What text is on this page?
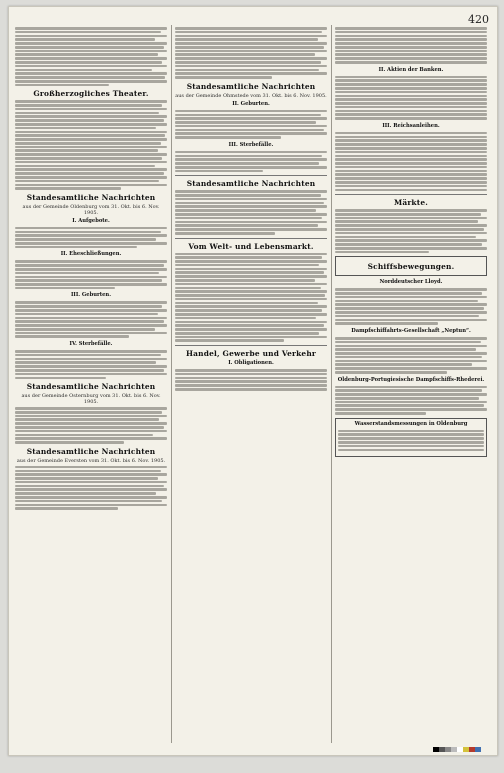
420
Großherzogliches Theater.
Standesamtliche Nachrichten
aus der Gemeinde Oldenburg vom 31. Okt. bis 6. Nov. 1905.
I. Aufgebote.
II. Eheschließungen.
III. Geburten.
IV. Sterbefälle.
Standesamtliche Nachrichten
aus der Gemeinde Osternburg vom 31. Okt. bis 6. Nov. 1905.
Standesamtliche Nachrichten
aus der Gemeinde Eversten vom 31. Okt. bis 6. Nov. 1905.
Standesamtliche Nachrichten
aus der Gemeinde Ohmstede vom 31. Okt. bis 6. Nov. 1905.
II. Geburten.
III. Sterbefälle.
Standesamtliche Nachrichten
Vom Welt- und Lebensmarkt.
Handel, Gewerbe und Verkehr
I. Obligationen.
II. Aktien der Banken.
III. Reichsanleihen.
Märkte.
Schiffsbewegungen.
Norddeutscher Lloyd.
Dampfschiffahrts-Gesellschaft „Neptun“.
Oldenburg-Portugiesische Dampfschiffs-Rhederei.
Wasserstandsmessungen in Oldenburg
